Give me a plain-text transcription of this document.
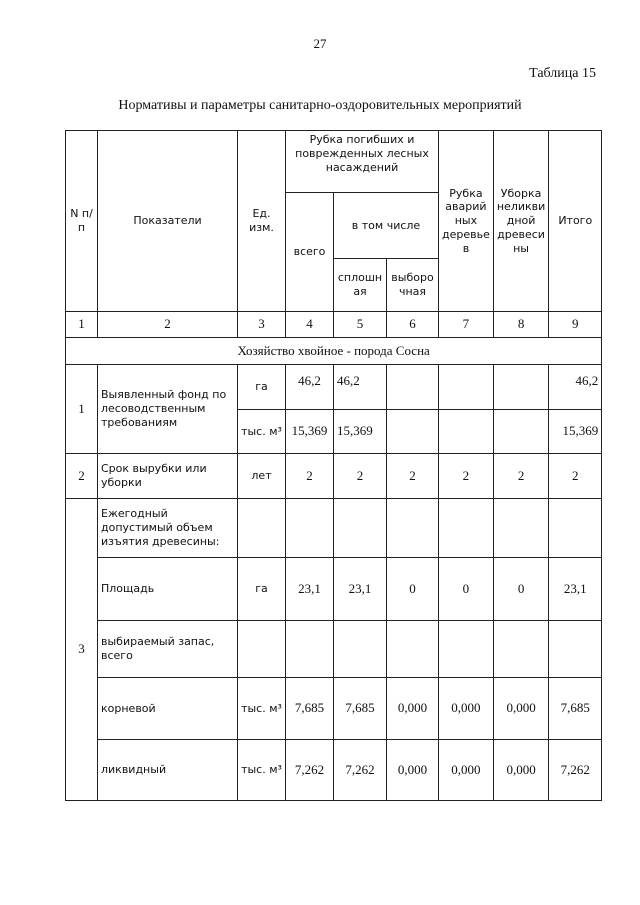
27
Таблица 15
Нормативы и параметры санитарно-оздоровительных мероприятий
N п/п	Показатели	Ед. изм.	Рубка погибших и поврежденных лесных насаждений			Рубка аварий ных деревье в	Уборка неликви дной древеси ны	Итого
			всего	в том числе				
				сплошн ая	выборо чная			
1	2	3	4	5	6	7	8	9
Хозяйство хвойное - порода Сосна								
1	Выявленный фонд по лесоводственным требованиям	га	46,2	46,2				46,2
		тыс. м³	15,369	15,369				15,369
2	Срок вырубки или уборки	лет	2	2	2	2	2	2
3	Ежегодный допустимый объем изъятия древесины:							
	Площадь	га	23,1	23,1	0	0	0	23,1
	выбираемый запас, всего							
	корневой	тыс. м³	7,685	7,685	0,000	0,000	0,000	7,685
	ликвидный	тыс. м³	7,262	7,262	0,000	0,000	0,000	7,262
